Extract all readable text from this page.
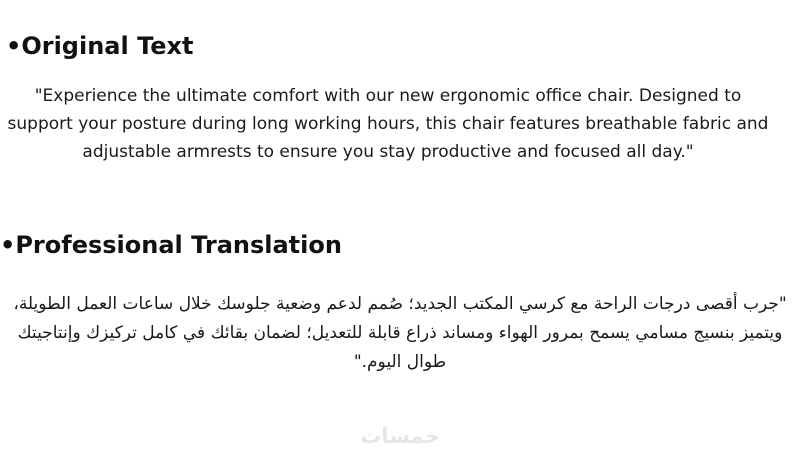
•Original Text

"Experience the ultimate comfort with our new ergonomic office chair. Designed to support your posture during long working hours, this chair features breathable fabric and adjustable armrests to ensure you stay productive and focused all day."

•Professional Translation

"جرب أقصى درجات الراحة مع كرسي المكتب الجديد؛ صُمم لدعم وضعية جلوسك خلال ساعات العمل الطويلة، ويتميز بنسيج مسامي يسمح بمرور الهواء ومساند ذراع قابلة للتعديل؛ لضمان بقائك في كامل تركيزك وإنتاجيتك طوال اليوم."

خمسات
